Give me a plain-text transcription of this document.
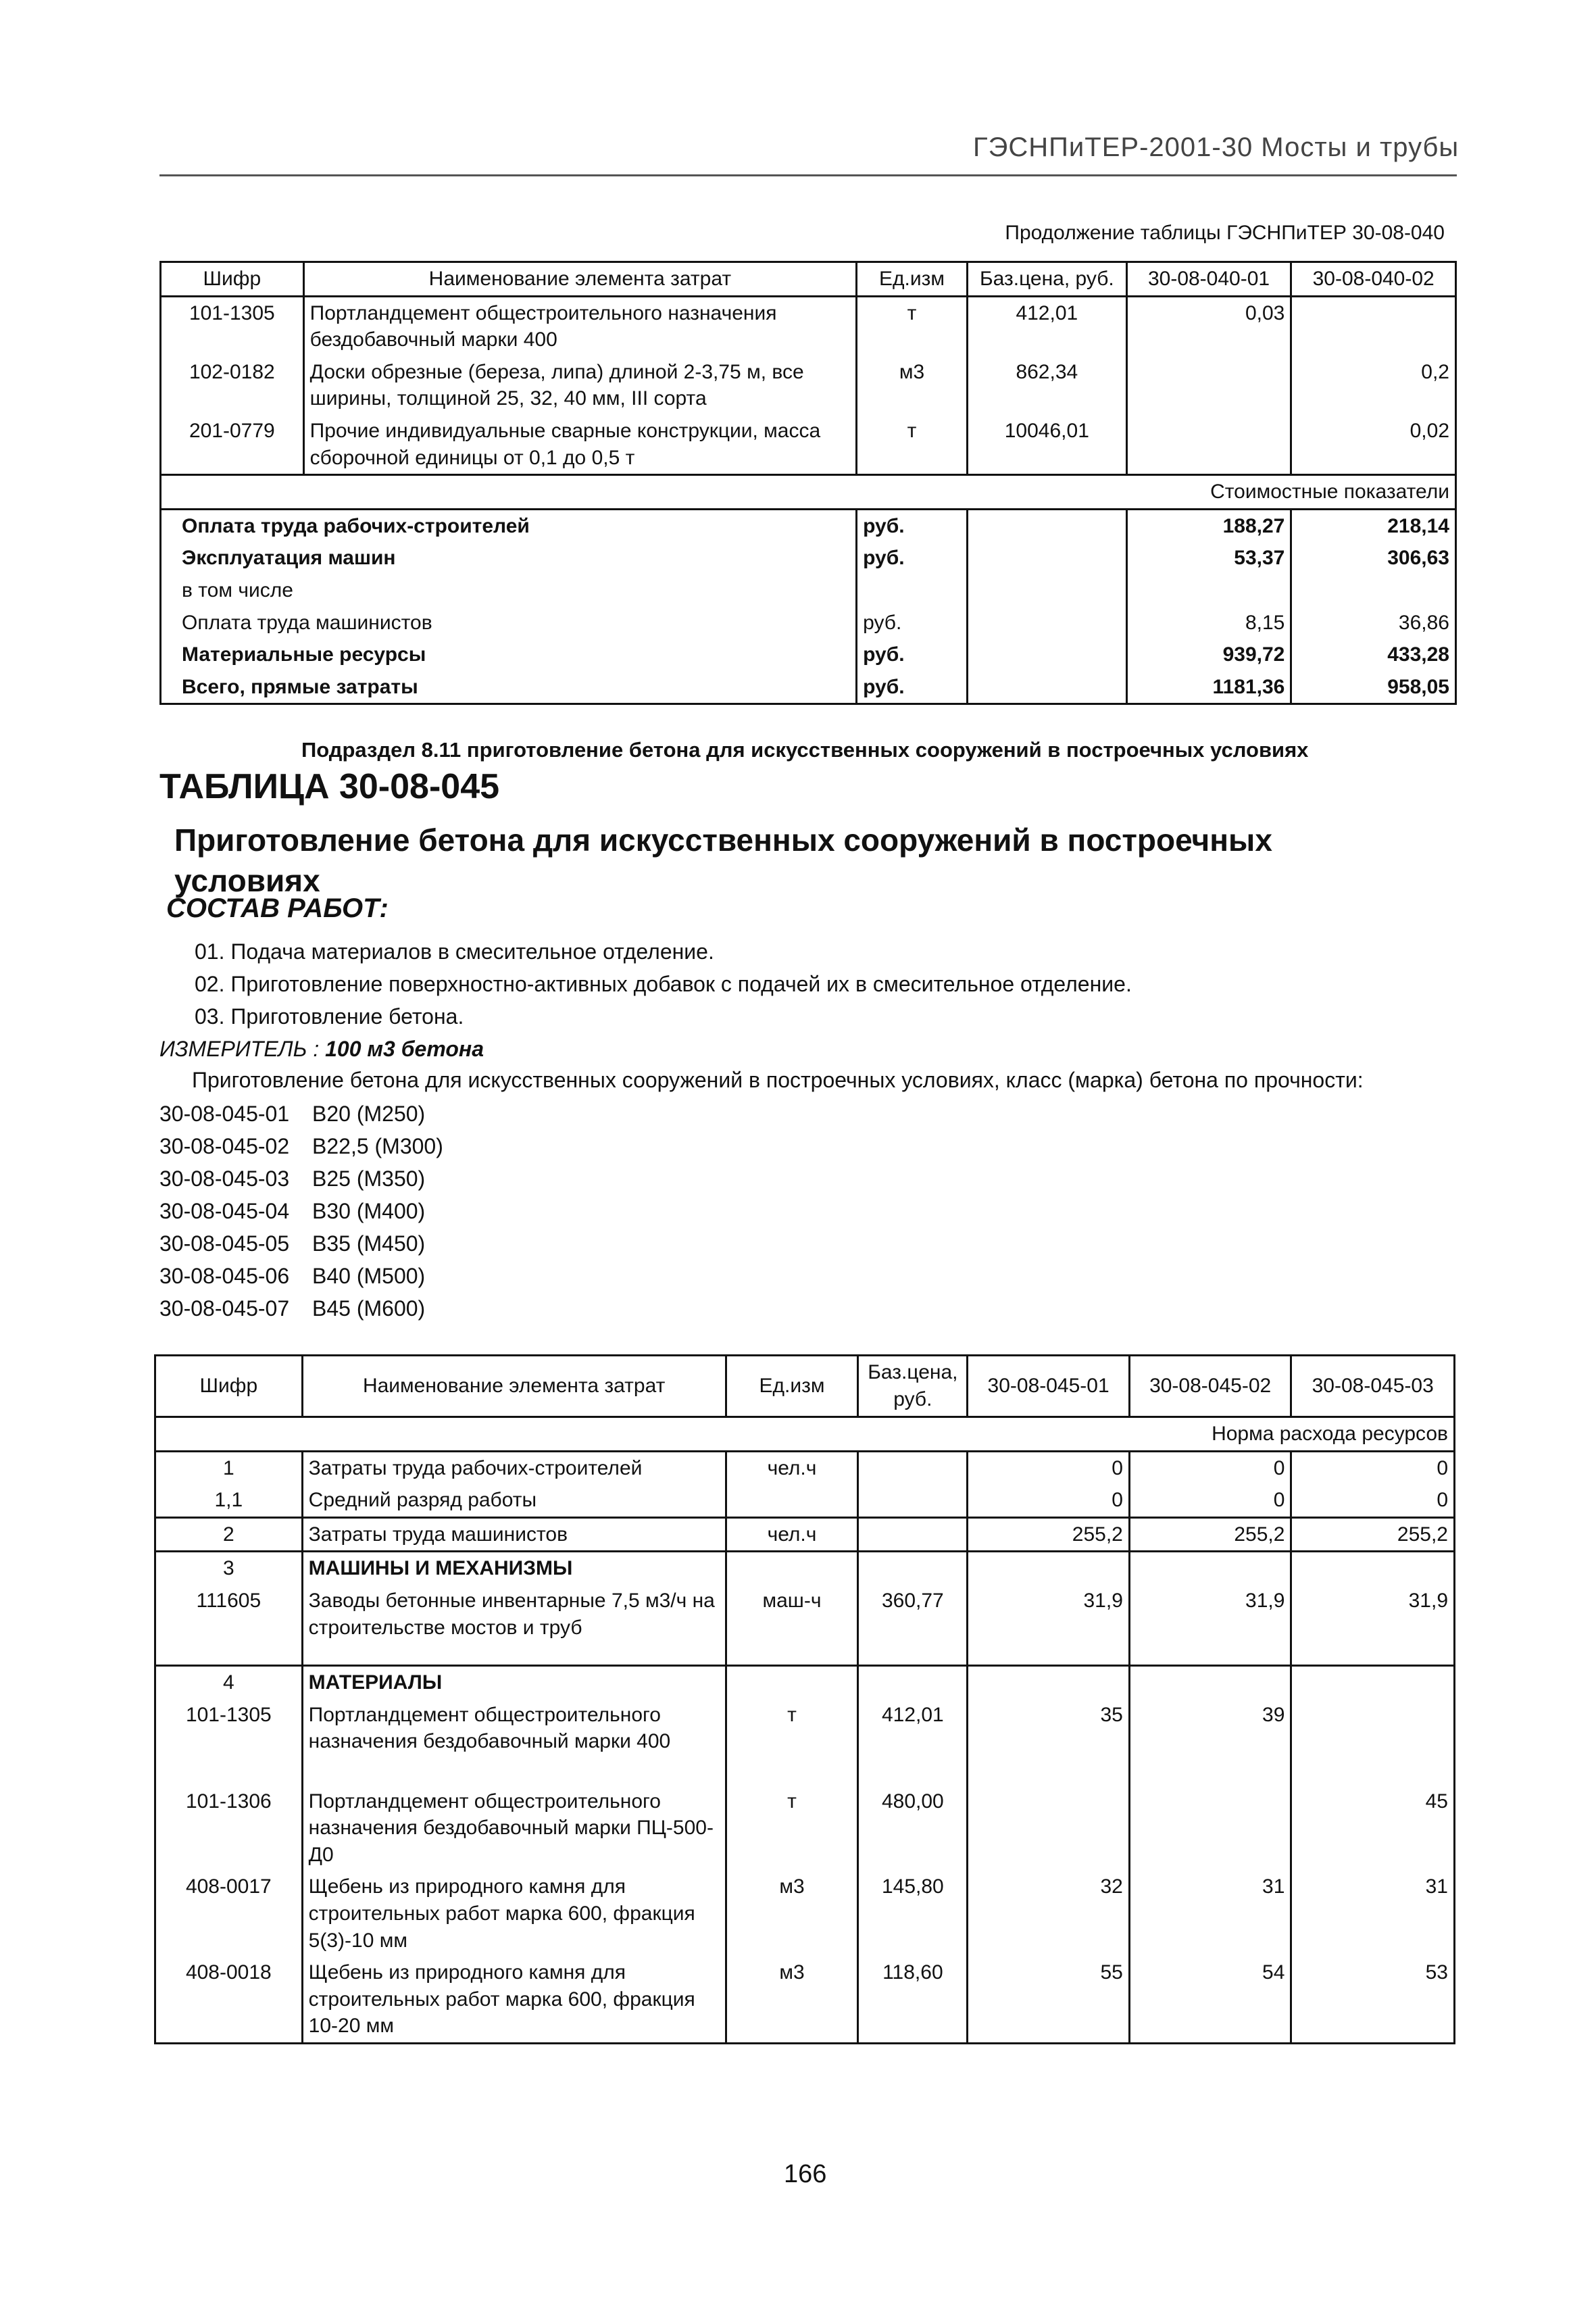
ГЭСНПиТЕР-2001-30 Мосты и трубы
Продолжение таблицы ГЭСНПиТЕР 30-08-040
Шифр	Наименование элемента затрат	Ед.изм	Баз.цена, руб.	30-08-040-01	30-08-040-02
101-1305	Портландцемент общестроительного назначения бездобавочный марки 400	т	412,01	0,03	
102-0182	Доски обрезные (береза, липа) длиной 2-3,75 м, все ширины, толщиной 25, 32, 40 мм, III сорта	м3	862,34		0,2
201-0779	Прочие индивидуальные сварные конструкции, масса сборочной единицы от 0,1 до 0,5 т	т	10046,01		0,02
Стоимостные показатели					
Оплата труда рабочих-строителей		руб.		188,27	218,14
Эксплуатация машин		руб.		53,37	306,63
в том числе					
Оплата труда машинистов		руб.		8,15	36,86
Материальные ресурсы		руб.		939,72	433,28
Всего, прямые затраты		руб.		1181,36	958,05
Подраздел 8.11 приготовление бетона для искусственных сооружений в построечных условиях
ТАБЛИЦА 30-08-045
Приготовление бетона для искусственных сооружений в построечных условиях
СОСТАВ РАБОТ:
01. Подача материалов в смесительное отделение.
02. Приготовление поверхностно-активных добавок с подачей их в смесительное отделение.
03. Приготовление бетона.
ИЗМЕРИТЕЛЬ : 100 м3 бетона
Приготовление бетона для искусственных сооружений в построечных условиях, класс (марка) бетона по прочности:
30-08-045-01 В20 (М250)
30-08-045-02 В22,5 (М300)
30-08-045-03 В25 (М350)
30-08-045-04 В30 (М400)
30-08-045-05 В35 (М450)
30-08-045-06 В40 (М500)
30-08-045-07 В45 (М600)
Шифр	Наименование элемента затрат	Ед.изм	Баз.цена, руб.	30-08-045-01	30-08-045-02	30-08-045-03
Норма расхода ресурсов						
1	Затраты труда рабочих-строителей	чел.ч		0	0	0
1,1	Средний разряд работы			0	0	0
2	Затраты труда машинистов	чел.ч		255,2	255,2	255,2
3	МАШИНЫ И МЕХАНИЗМЫ					
111605	Заводы бетонные инвентарные 7,5 м3/ч на строительстве мостов и труб	маш-ч	360,77	31,9	31,9	31,9
4	МАТЕРИАЛЫ					
101-1305	Портландцемент общестроительного назначения бездобавочный марки 400	т	412,01	35	39	
101-1306	Портландцемент общестроительного назначения бездобавочный марки ПЦ-500-Д0	т	480,00			45
408-0017	Щебень из природного камня для строительных работ марка 600, фракция 5(3)-10 мм	м3	145,80	32	31	31
408-0018	Щебень из природного камня для строительных работ марка 600, фракция 10-20 мм	м3	118,60	55	54	53
166
